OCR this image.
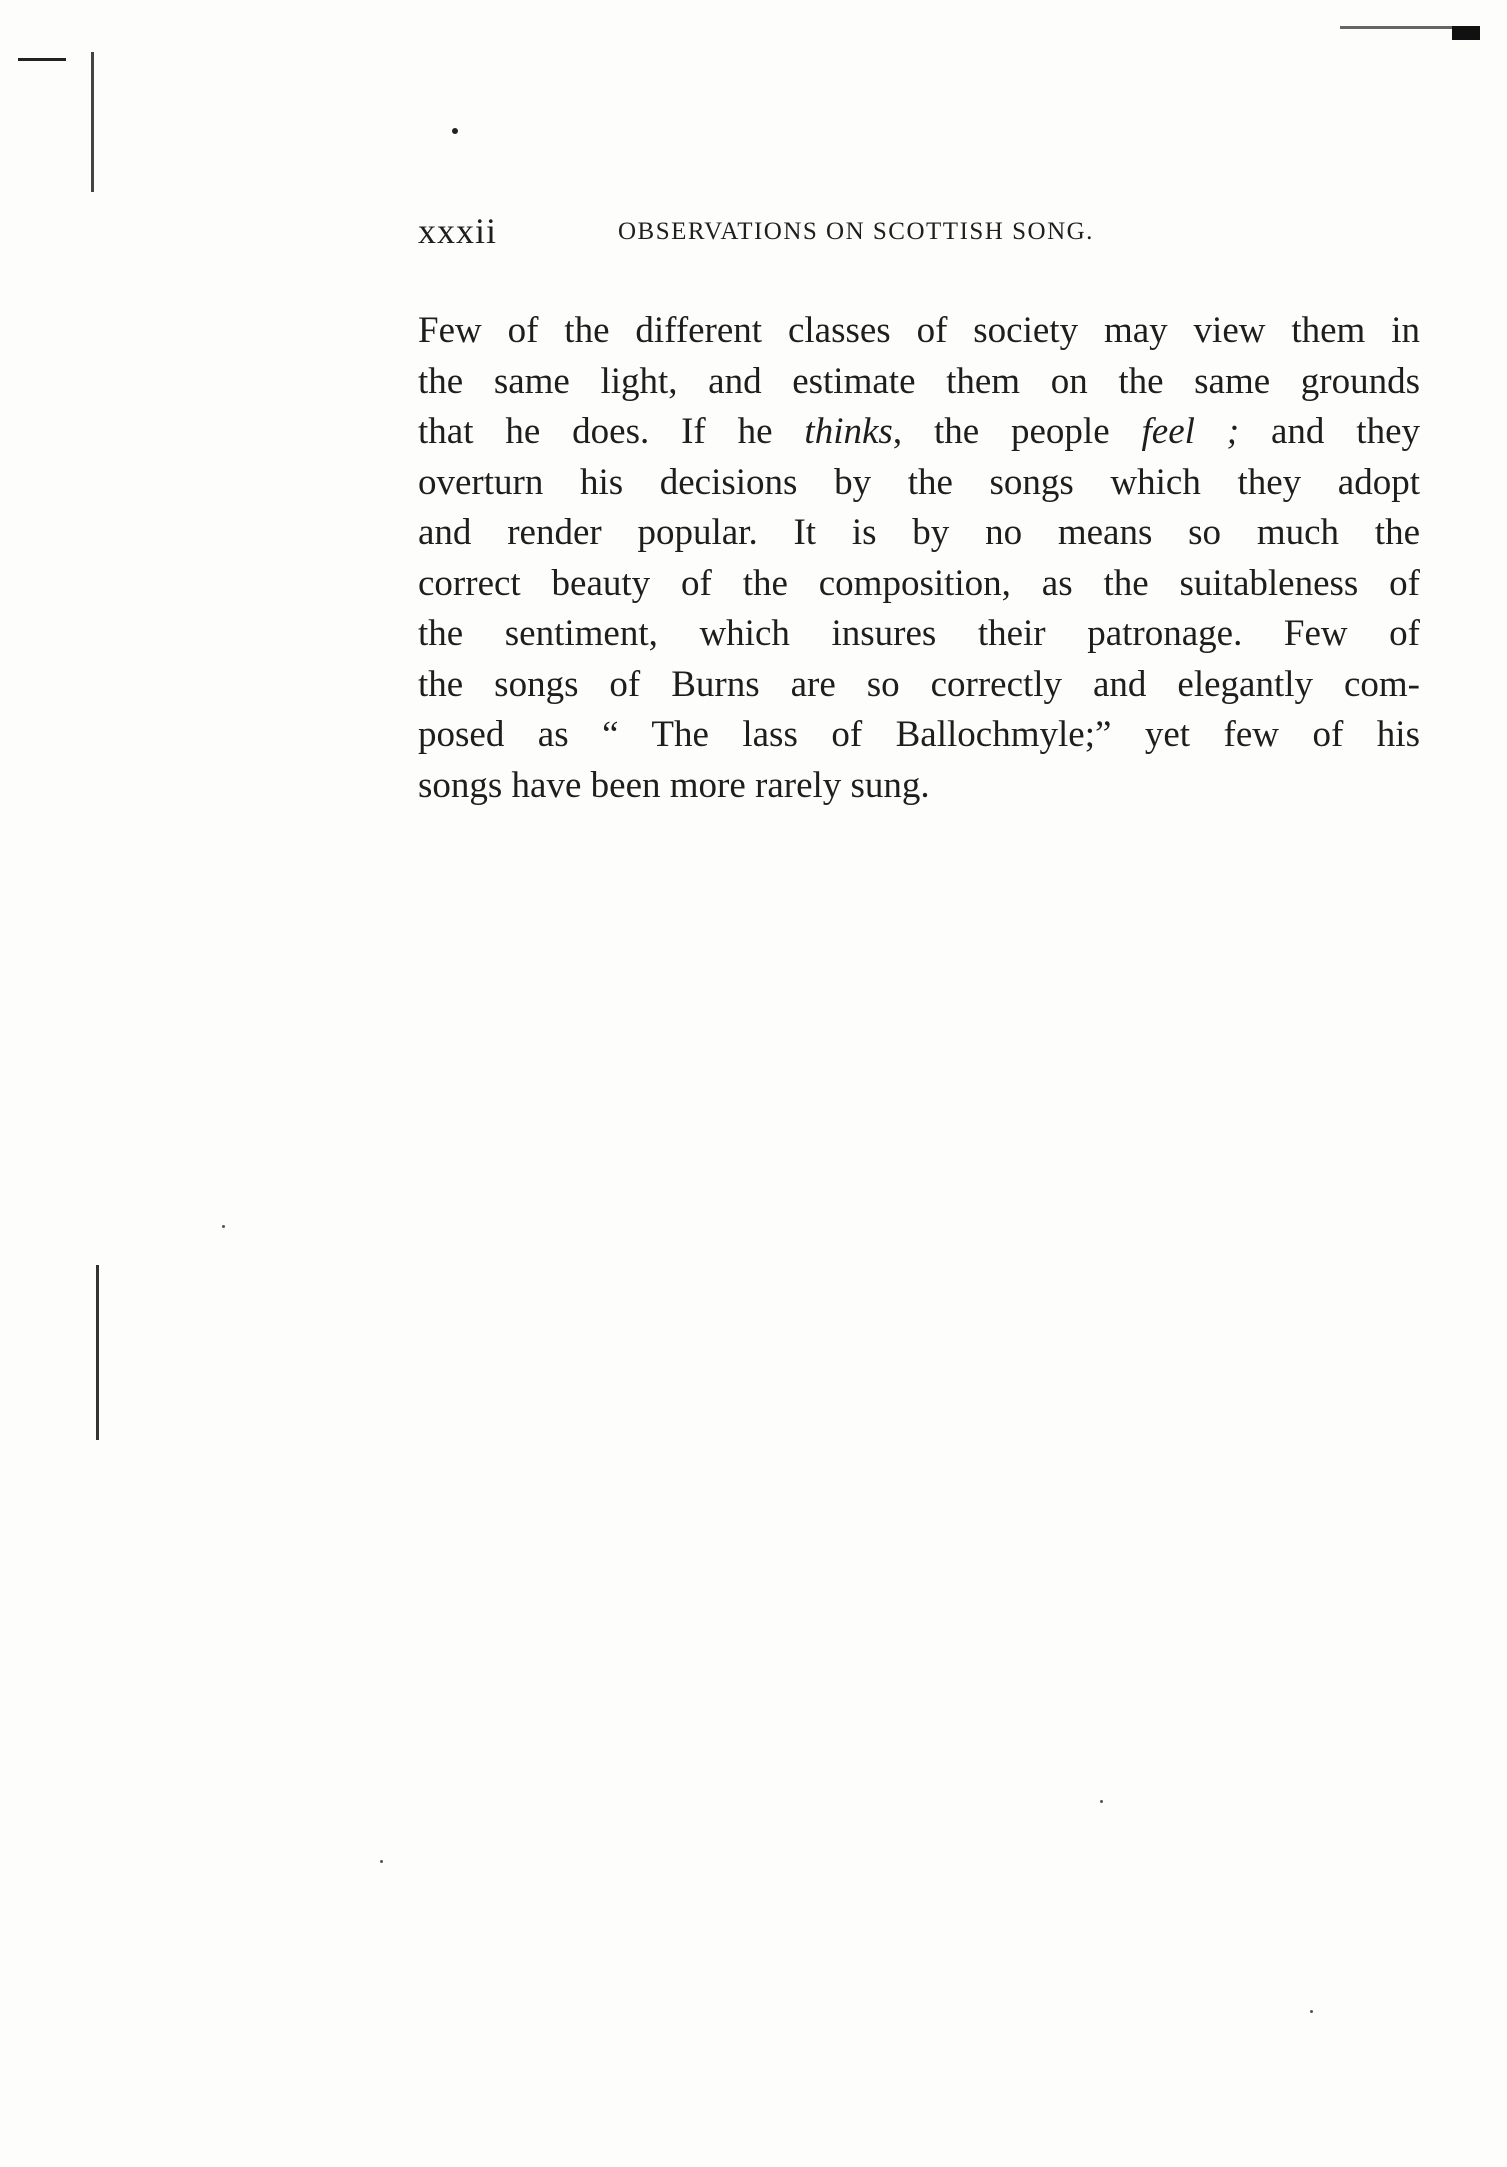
xxxii	OBSERVATIONS ON SCOTTISH SONG.
Few of the different classes of society may view them in
the same light, and estimate them on the same grounds
that he does. If he thinks, the people feel ; and they
overturn his decisions by the songs which they adopt
and render popular. It is by no means so much the
correct beauty of the composition, as the suitableness of
the sentiment, which insures their patronage. Few of
the songs of Burns are so correctly and elegantly com-
posed as “ The lass of Ballochmyle;” yet few of his
songs have been more rarely sung.
